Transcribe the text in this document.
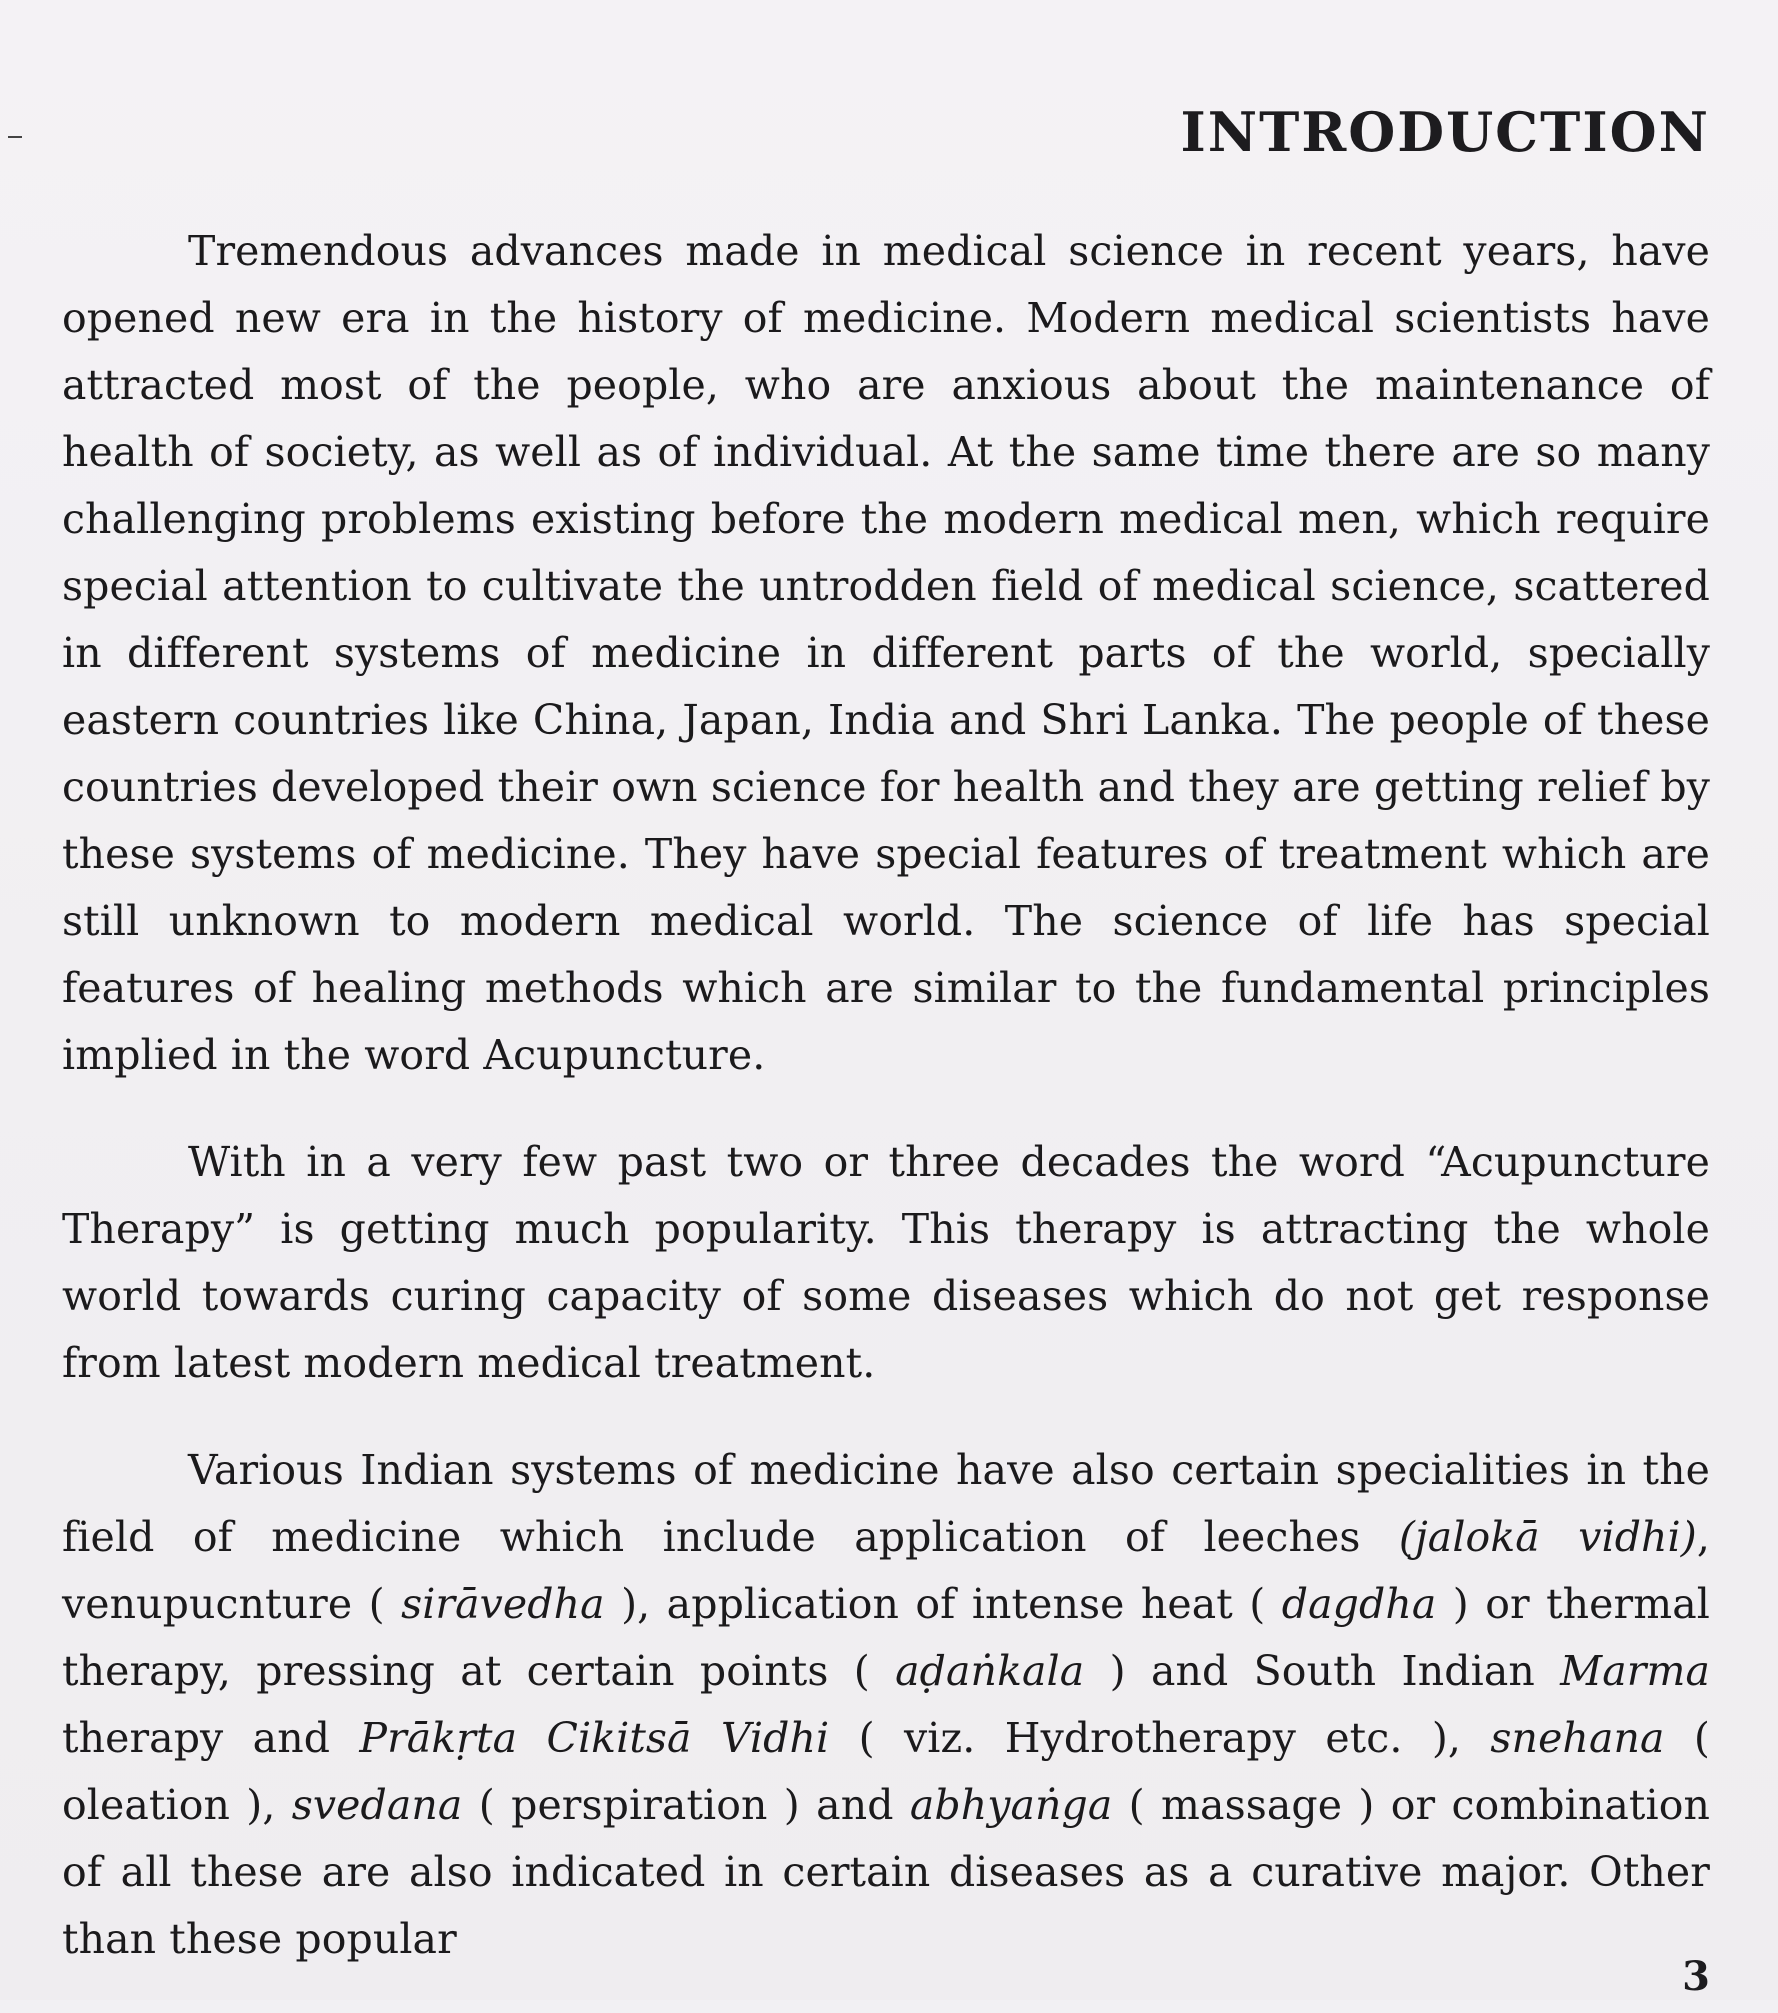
INTRODUCTION

Tremendous advances made in medical science in recent years, have opened new era in the history of medicine. Modern medical scientists have attracted most of the people, who are anxious about the maintenance of health of society, as well as of individual. At the same time there are so many challenging problems existing before the modern medical men, which require special attention to cultivate the untrodden field of medical science, scattered in different systems of medicine in different parts of the world, specially eastern countries like China, Japan, India and Shri Lanka. The people of these countries developed their own science for health and they are getting relief by these systems of medicine. They have special features of treatment which are still unknown to modern medical world. The science of life has special features of healing methods which are similar to the fundamental principles implied in the word Acupuncture.

With in a very few past two or three decades the word “Acupuncture Therapy” is getting much popularity. This therapy is attracting the whole world towards curing capacity of some diseases which do not get response from latest modern medical treatment.

Various Indian systems of medicine have also certain specialities in the field of medicine which include application of leeches (jalokā vidhi), venupucnture ( sirāvedha ), application of intense heat ( dagdha ) or thermal therapy, pressing at certain points ( aḍaṅkala ) and South Indian Marma therapy and Prākṛta Cikitsā Vidhi ( viz. Hydrotherapy etc. ), snehana ( oleation ), svedana ( perspiration ) and abhyaṅga ( massage ) or combination of all these are also indicated in certain diseases as a curative major. Other than these popular

3
